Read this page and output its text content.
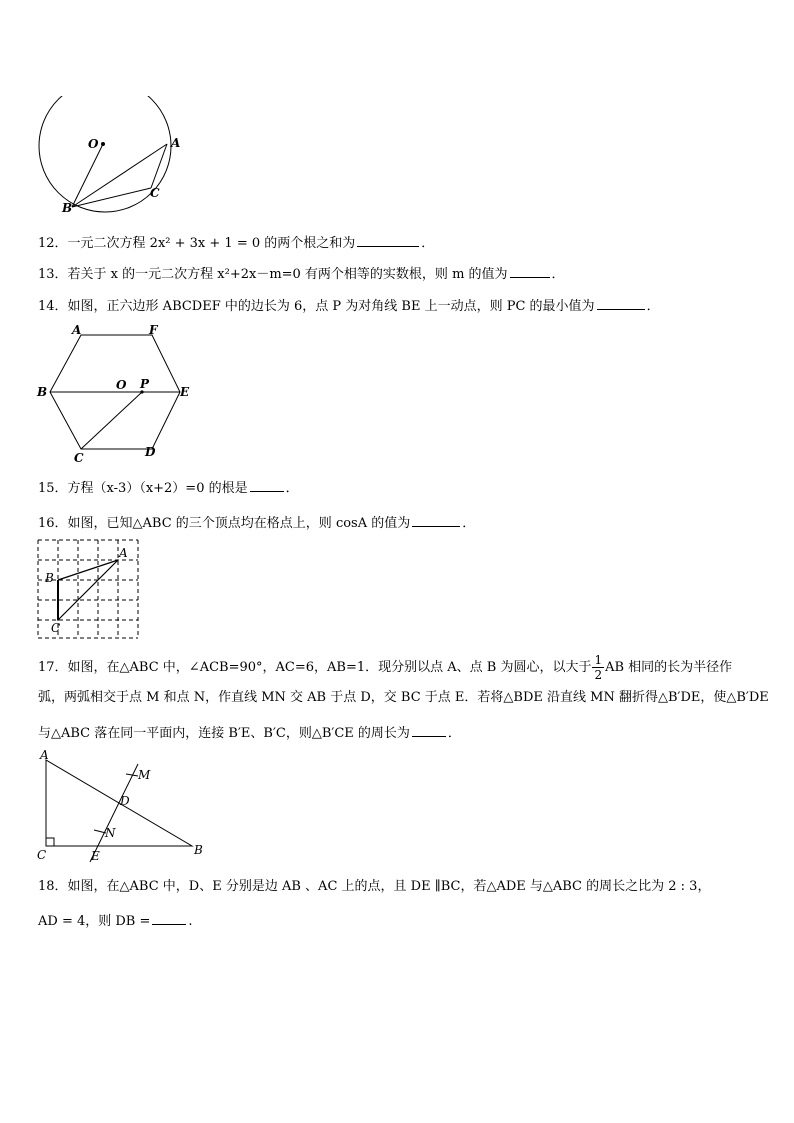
O	A
C
B
12．一元二次方程 2x² + 3x + 1 = 0 的两个根之和为	．
13．若关于 x 的一元二次方程 x²+2x－m=0 有两个相等的实数根，则 m 的值为	．
14．如图，正六边形 ABCDEF 中的边长为 6，点 P 为对角线 BE 上一动点，则 PC 的最小值为	．
A	F
B	O P
E
C	D
15．方程（x-3）（x+2）=0 的根是	．
16．如图，已知△ABC 的三个顶点均在格点上，则 cosA 的值为	．
A
B
C
17．如图，在△ABC 中，∠ACB=90°，AC=6，AB=1．现分别以点 A、点 B 为圆心，以大于 $\frac{1}{2}$ AB 相同的长为半径作
弧，两弧相交于点 M 和点 N，作直线 MN 交 AB 于点 D，交 BC 于点 E．若将△BDE 沿直线 MN 翻折得△B′DE，使△B′DE
与△ABC 落在同一平面内，连接 B′E、B′C，则△B′CE 的周长为	．
A
M
D
N
C	E	B
18．如图，在△ABC 中，D、E 分别是边 AB 、AC 上的点，且 DE ∥BC，若△ADE 与△ABC 的周长之比为 2 : 3，
AD = 4，则 DB =	.
